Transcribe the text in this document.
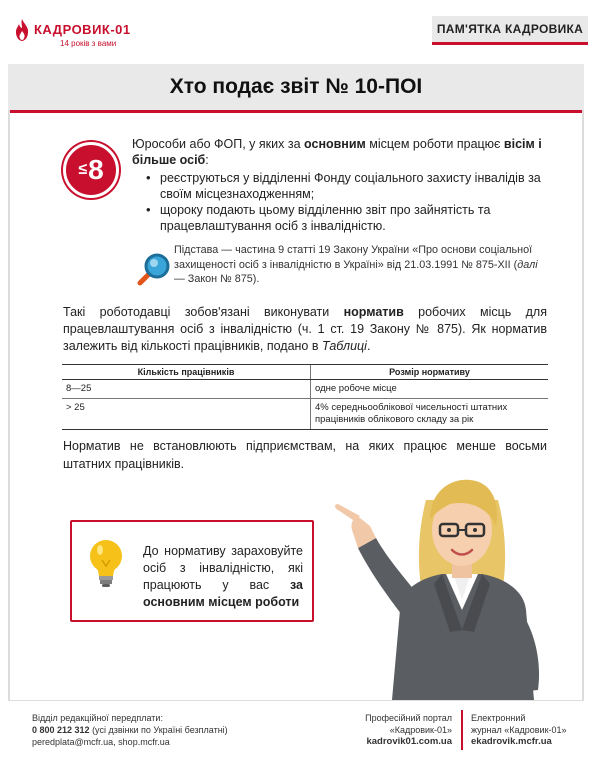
КАДРОВИК-01
14 років з вами
ПАМ'ЯТКА КАДРОВИКА
Хто подає звіт № 10-ПОІ
≤ 8
Юрособи або ФОП, у яких за основним місцем роботи працює вісім і більше осіб:
• реєструються у відділенні Фонду соціального захисту інвалідів за своїм місцезнаходженням;
• щороку подають цьому відділенню звіт про зайнятість та працевлаштування осіб з інвалідністю.
Підстава — частина 9 статті 19 Закону України «Про основи соціальної захищеності осіб з інвалідністю в Україні» від 21.03.1991 № 875-XII (далі — Закон № 875).
Такі роботодавці зобов'язані виконувати норматив робочих місць для працевлаштування осіб з інвалідністю (ч. 1 ст. 19 Закону № 875). Як норматив залежить від кількості працівників, подано в Таблиці.
Кількість працівників	Розмір нормативу
8—25	одне робоче місце
> 25	4% середньооблікової чисельності штатних працівників облікового складу за рік
Норматив не встановлюють підприємствам, на яких працює менше восьми штатних працівників.
До нормативу зараховуйте осіб з інвалідністю, які працюють у вас за основним місцем роботи
Відділ редакційної передплати:
0 800 212 312 (усі дзвінки по Україні безплатні)
peredplata@mcfr.ua, shop.mcfr.ua
Професійний портал
«Кадровик-01»
kadrovik01.com.ua
Електронний
журнал «Кадровик-01»
ekadrovik.mcfr.ua
